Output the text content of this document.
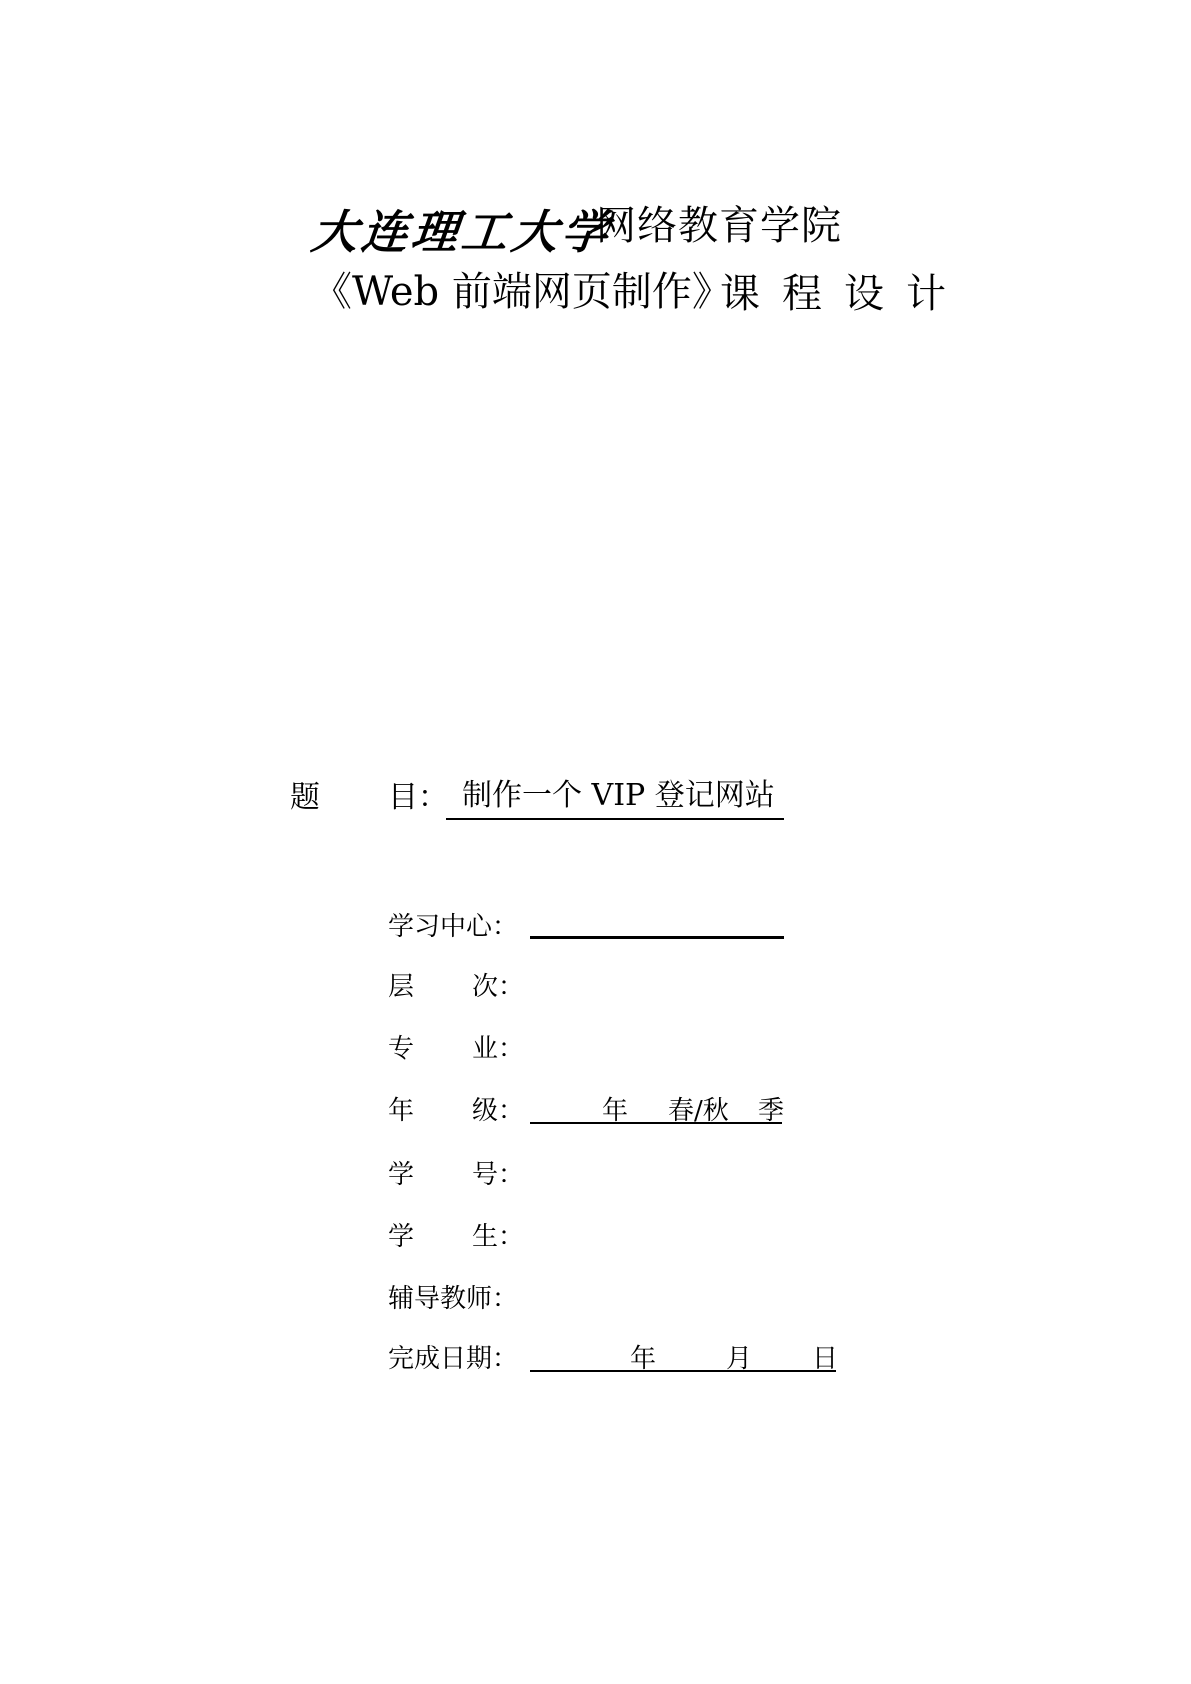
大连理工大学
网络教育学院
《Web 前端网页制作》
课程设计
题 目： 制作一个 VIP 登记网站
学习中心：
层 次：
专 业：
年 级：	年 春/秋 季
学 号：
学 生：
辅导教师：
完成日期：	年	月 日
